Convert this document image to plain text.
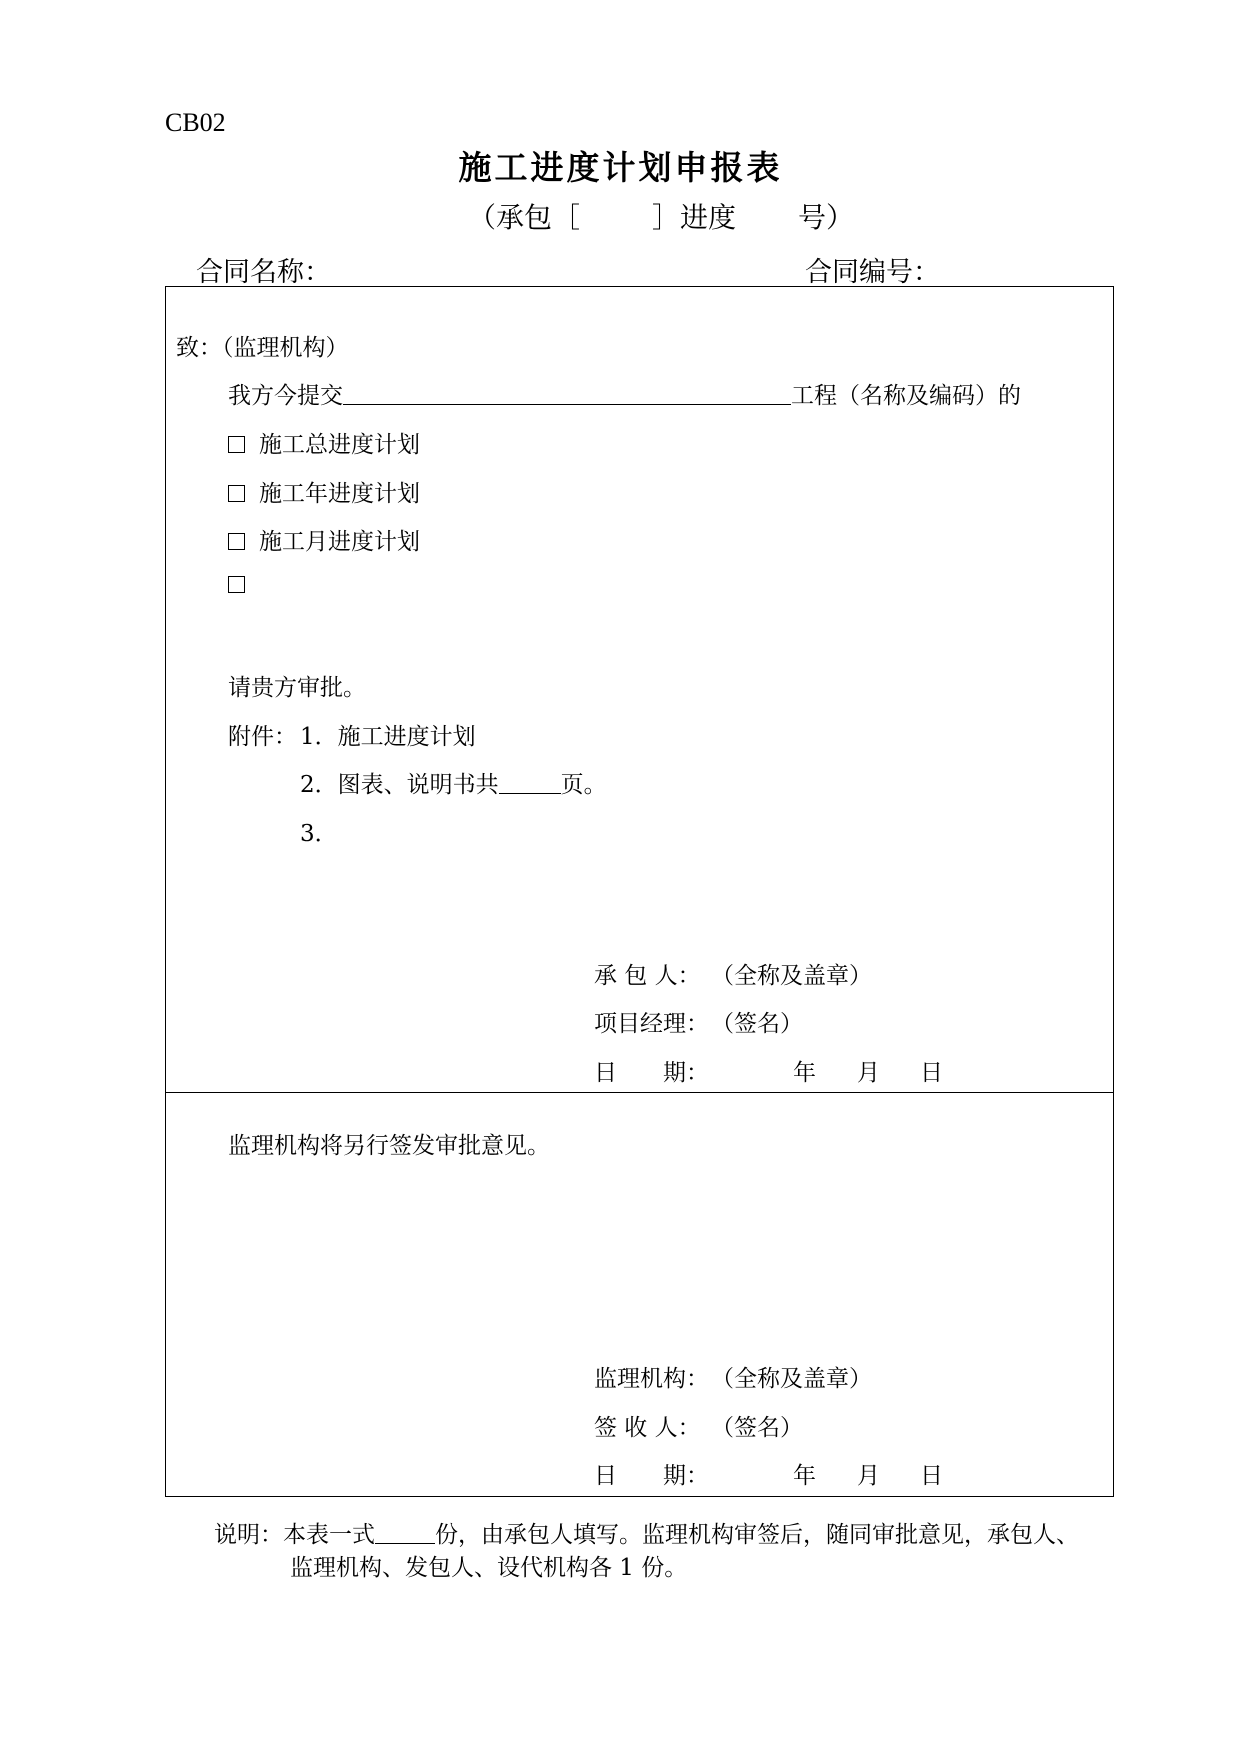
CB02
施工进度计划申报表
（承包［	］进度 号）
合同名称：	合同编号：
致：（监理机构）
我方今提交	工程（名称及编码）的
施工总进度计划
施工年进度计划
施工月进度计划
请贵方审批。
附件： 1．施工进度计划
2．图表、说明书共	页。
3．
承 包 人： （全称及盖章）
项目经理： （签名）
日　　期：	年 月 日
监理机构将另行签发审批意见。
监理机构： （全称及盖章）
签 收 人： （签名）
日　　期：	年 月 日
说明：本表一式	份，由承包人填写。监理机构审签后，随同审批意见，承包人、
监理机构、发包人、设代机构各 1 份。
